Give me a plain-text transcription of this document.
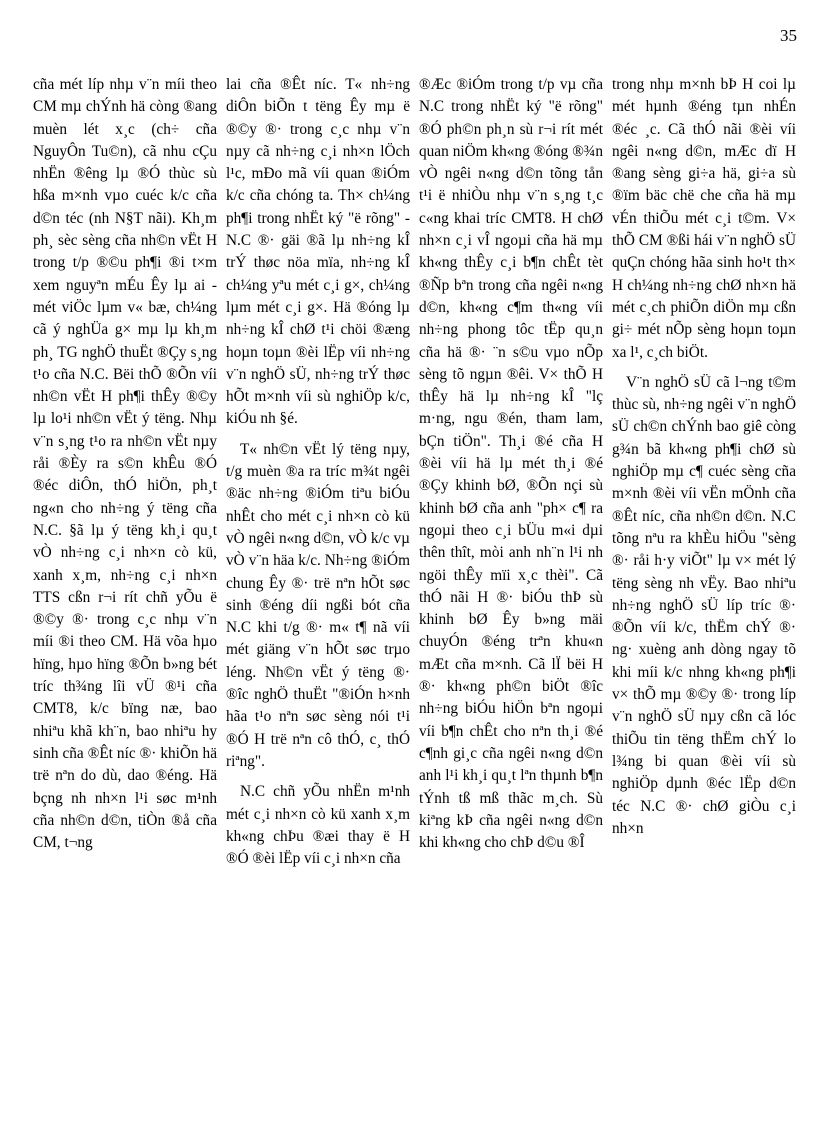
35

cña mét líp nhµ v¨n míi theo CM mµ chÝnh hä còng ®ang muèn lét x¸c (ch÷ cña NguyÔn Tu©n), cã nhu cÇu nhËn ®êng lµ ®Ó thùc sù hßa m×nh vµo cuéc k/c cña d©n téc (nh N§T nãi). Kh¸m ph¸ sèc sèng cña nh©n vËt H trong t/p ®©u ph¶i ®i t×m xem nguyªn mÉu Êy lµ ai - mét viÖc lµm v« bæ, ch¼ng cã ý nghÜa g× mµ lµ kh¸m ph¸ TG nghÖ thuËt ®Çy s¸ng t¹o cña N.C. Bëi thÕ ®Õn víi nh©n vËt H ph¶i thÊy ®©y lµ lo¹i nh©n vËt ý tëng. Nhµ v¨n s¸ng t¹o ra nh©n vËt nµy råi ®Èy ra s©n khÊu ®Ó ®éc diÔn, thÓ hiÖn, ph¸t ng«n cho nh÷ng ý tëng cña N.C. §ã lµ ý tëng kh¸i qu¸t vÒ nh÷ng c¸i nh×n cò kü, xanh x¸m, nh÷ng c¸i nh×n TTS cßn r¬i rít chñ yÕu ë ®©y ®· trong c¸c nhµ v¨n míi ®i theo CM. Hä võa hµo hïng, hµo hïng ®Õn b»ng bét tríc th¾ng lîi vÜ ®¹i cña CMT8, k/c bïng næ, bao nhiªu khã kh¨n, bao nhiªu hy sinh cña ®Êt níc ®· khiÕn hä trë nªn do dù, dao ®éng. Hä bçng nh nh×n l¹i søc m¹nh cña nh©n d©n, tiÒn ®å cña CM, t¬ng

lai cña ®Êt níc. T« nh÷ng diÔn biÕn t tëng Êy mµ ë ®©y ®· trong c¸c nhµ v¨n nµy cã nh÷ng c¸i nh×n lÖch l¹c, mÐo mã víi quan ®iÓm k/c cña chóng ta. Th× ch¼ng ph¶i trong nhËt ký "ë rõng" - N.C ®· gäi ®ã lµ nh÷ng kÎ trÝ thøc nöa mïa, nh÷ng kÎ ch¼ng yªu mét c¸i g×, ch¼ng lµm mét c¸i g×. Hä ®óng lµ nh÷ng kÎ chØ t¹i chöi ®æng hoµn toµn ®èi lËp víi nh÷ng v¨n nghÖ sÜ, nh÷ng trÝ thøc hÕt m×nh víi sù nghiÖp k/c, kiÓu nh §é.

T« nh©n vËt lý tëng nµy, t/g muèn ®a ra tríc m¾t ngêi ®äc nh÷ng ®iÓm tiªu biÓu nhÊt cho mét c¸i nh×n cò kü vÒ ngêi n«ng d©n, vÒ k/c vµ vÒ v¨n häa k/c. Nh÷ng ®iÓm chung Êy ®· trë nªn hÕt søc sinh ®éng díi ngßi bót cña N.C khi t/g ®· m« t¶ nã víi mét giäng v¨n hÕt søc trµo léng. Nh©n vËt ý tëng ®· ®îc nghÖ thuËt "®iÓn h×nh hãa t¹o nªn søc sèng nói t¹i ®Ó H trë nªn cô thÓ, c¸ thÓ riªng".

N.C chñ yÕu nhËn m¹nh mét c¸i nh×n cò kü xanh x¸m kh«ng chÞu ®æi thay ë H ®Ó ®èi lËp víi c¸i nh×n cña

®Æc ®iÓm trong t/p vµ cña N.C trong nhËt ký "ë rõng" ®Ó ph©n ph¸n sù r¬i rít mét quan niÖm kh«ng ®óng ®¾n vÒ ngêi n«ng d©n tõng tån t¹i ë nhiÒu nhµ v¨n s¸ng t¸c c«ng khai tríc CMT8. H chØ nh×n c¸i vÎ ngoµi cña hä mµ kh«ng thÊy c¸i b¶n chÊt tèt ®Ñp bªn trong cña ngêi n«ng d©n, kh«ng c¶m th«ng víi nh÷ng phong tôc tËp qu¸n cña hä ®· ¨n s©u vµo nÕp sèng tõ ngµn ®êi. V× thÕ H thÊy hä lµ nh÷ng kÎ "lç m·ng, ngu ®én, tham lam, bÇn tiÖn". Th¸i ®é cña H ®èi víi hä lµ mét th¸i ®é ®Çy khinh bØ, ®Õn nçi sù khinh bØ cña anh "ph× c¶ ra ngoµi theo c¸i bÜu m«i dµi thên thît, mòi anh nh¨n l¹i nh ngöi thÊy mïi x¸c thèi". Cã thÓ nãi H ®· biÓu thÞ sù khinh bØ Êy b»ng mäi chuyÓn ®éng trªn khu«n mÆt cña m×nh. Cã lÏ bëi H ®· kh«ng ph©n biÖt ®îc nh÷ng biÓu hiÖn bªn ngoµi víi b¶n chÊt cho nªn th¸i ®é c¶nh gi¸c cña ngêi n«ng d©n anh l¹i kh¸i qu¸t lªn thµnh b¶n tÝnh tß mß thãc m¸ch. Sù kiªng kÞ cña ngêi n«ng d©n khi kh«ng cho chÞ d©u ®Î

trong nhµ m×nh bÞ H coi lµ mét hµnh ®éng tµn nhÉn ®éc ¸c. Cã thÓ nãi ®èi víi ngêi n«ng d©n, mÆc dï H ®ang sèng gi÷a hä, gi÷a sù ®ïm bäc chë che cña hä mµ vÉn thiÕu mét c¸i t©m. V× thÕ CM ®ßi hái v¨n nghÖ sÜ quÇn chóng hãa sinh ho¹t th× H ch¼ng nh÷ng chØ nh×n hä mét c¸ch phiÕn diÖn mµ cßn gi÷ mét nÕp sèng hoµn toµn xa l¹, c¸ch biÖt.

V¨n nghÖ sÜ cã l¬ng t©m thùc sù, nh÷ng ngêi v¨n nghÖ sÜ ch©n chÝnh bao giê còng g¾n bã kh«ng ph¶i chØ sù nghiÖp mµ c¶ cuéc sèng cña m×nh ®èi víi vËn mÖnh cña ®Êt níc, cña nh©n d©n. N.C tõng nªu ra khÈu hiÖu "sèng ®· råi h·y viÕt" lµ v× mét lý tëng sèng nh vËy. Bao nhiªu nh÷ng nghÖ sÜ líp tríc ®· ®Õn víi k/c, thËm chÝ ®· ng· xuèng anh dòng ngay tõ khi míi k/c nhng kh«ng ph¶i v× thÕ mµ ®©y ®· trong líp v¨n nghÖ sÜ nµy cßn cã lóc thiÕu tin tëng thËm chÝ lo l¾ng bi quan ®èi víi sù nghiÖp dµnh ®éc lËp d©n téc N.C ®· chØ giÒu c¸i nh×n
